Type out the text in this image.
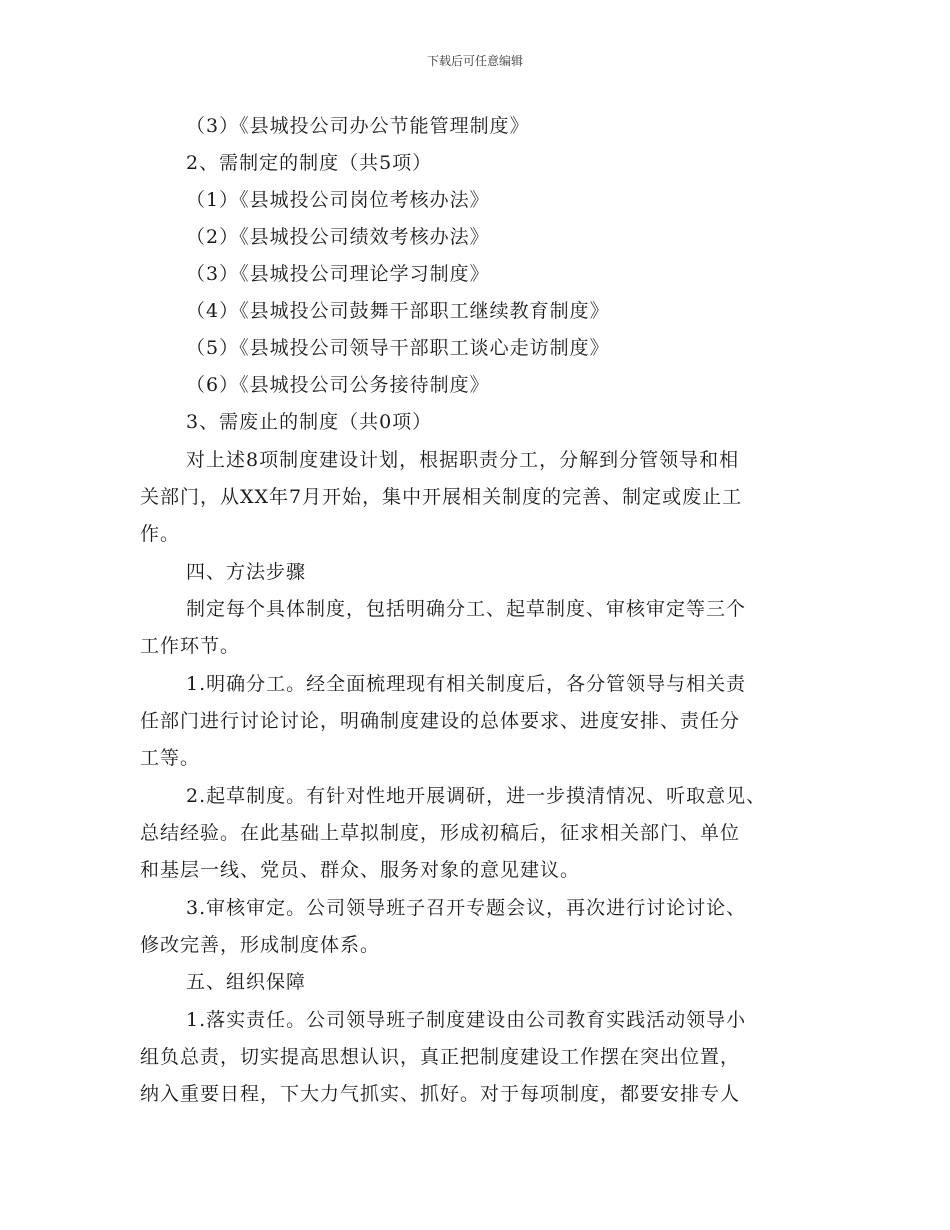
下载后可任意编辑
（3）《县城投公司办公节能管理制度》
2、需制定的制度（共5项）
（1）《县城投公司岗位考核办法》
（2）《县城投公司绩效考核办法》
（3）《县城投公司理论学习制度》
（4）《县城投公司鼓舞干部职工继续教育制度》
（5）《县城投公司领导干部职工谈心走访制度》
（6）《县城投公司公务接待制度》
3、需废止的制度（共0项）
对上述8项制度建设计划，根据职责分工，分解到分管领导和相
关部门，从XX年7月开始，集中开展相关制度的完善、制定或废止工
作。
四、方法步骤
制定每个具体制度，包括明确分工、起草制度、审核审定等三个
工作环节。
1.明确分工。经全面梳理现有相关制度后，各分管领导与相关责
任部门进行讨论讨论，明确制度建设的总体要求、进度安排、责任分
工等。
2.起草制度。有针对性地开展调研，进一步摸清情况、听取意见、
总结经验。在此基础上草拟制度，形成初稿后，征求相关部门、单位
和基层一线、党员、群众、服务对象的意见建议。
3.审核审定。公司领导班子召开专题会议，再次进行讨论讨论、
修改完善，形成制度体系。
五、组织保障
1.落实责任。公司领导班子制度建设由公司教育实践活动领导小
组负总责，切实提高思想认识，真正把制度建设工作摆在突出位置，
纳入重要日程，下大力气抓实、抓好。对于每项制度，都要安排专人
